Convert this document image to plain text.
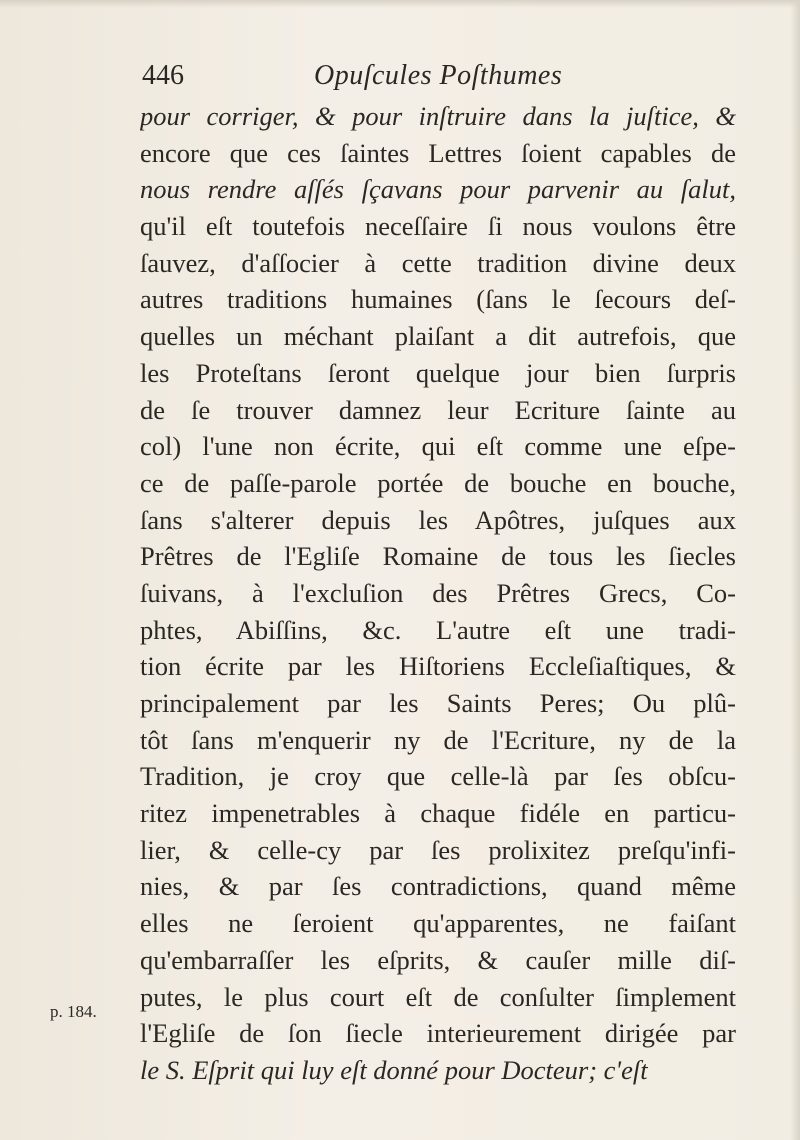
446	Opuſcules Poſthumes
pour corriger, & pour inſtruire dans la juſtice, &
encore que ces ſaintes Lettres ſoient capables de
nous rendre aſſés ſçavans pour parvenir au ſalut,
qu'il eſt toutefois neceſſaire ſi nous voulons être
ſauvez, d'aſſocier à cette tradition divine deux
autres traditions humaines (ſans le ſecours deſ-
quelles un méchant plaiſant a dit autrefois, que
les Proteſtans ſeront quelque jour bien ſurpris
de ſe trouver damnez leur Ecriture ſainte au
col) l'une non écrite, qui eſt comme une eſpe-
ce de paſſe-parole portée de bouche en bouche,
ſans s'alterer depuis les Apôtres, juſques aux
Prêtres de l'Egliſe Romaine de tous les ſiecles
ſuivans, à l'excluſion des Prêtres Grecs, Co-
phtes, Abiſſins, &c. L'autre eſt une tradi-
tion écrite par les Hiſtoriens Eccleſiaſtiques, &
principalement par les Saints Peres; Ou plû-
tôt ſans m'enquerir ny de l'Ecriture, ny de la
Tradition, je croy que celle-là par ſes obſcu-
ritez impenetrables à chaque fidéle en particu-
lier, & celle-cy par ſes prolixitez preſqu'infi-
nies, & par ſes contradictions, quand même
elles ne ſeroient qu'apparentes, ne faiſant
qu'embarraſſer les eſprits, & cauſer mille diſ-
putes, le plus court eſt de conſulter ſimplement
l'Egliſe de ſon ſiecle interieurement dirigée par
le S. Eſprit qui luy eſt donné pour Docteur; c'eſt
p. 184.
